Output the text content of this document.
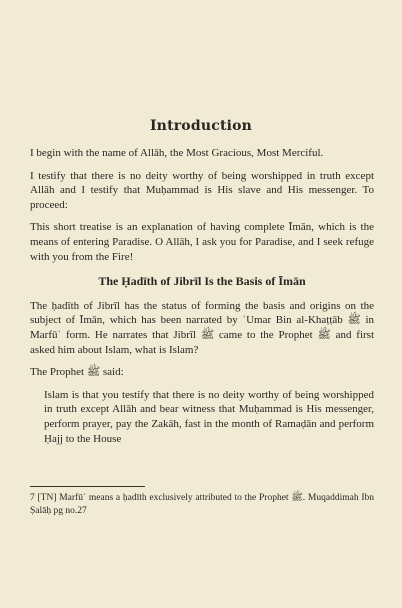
Introduction

I begin with the name of Allāh, the Most Gracious, Most Merciful.

I testify that there is no deity worthy of being worshipped in truth except Allāh and I testify that Muḥammad is His slave and His messenger. To proceed:

This short treatise is an explanation of having complete Īmān, which is the means of entering Paradise. O Allāh, I ask you for Paradise, and I seek refuge with you from the Fire!

The Ḥadīth of Jibrīl Is the Basis of Īmān

The ḥadīth of Jibrīl has the status of forming the basis and origins on the subject of Īmān, which has been narrated by ʿUmar Bin al-Khaṭṭāb ﷺ in Marfūʿ form. He narrates that Jibrīl ﷺ came to the Prophet ﷺ and first asked him about Islam, what is Islam?

The Prophet ﷺ said:

Islam is that you testify that there is no deity worthy of being worshipped in truth except Allāh and bear witness that Muḥammad is His messenger, perform prayer, pay the Zakāh, fast in the month of Ramaḍān and perform Ḥajj to the House

7 [TN] Marfūʿ means a ḥadīth exclusively attributed to the Prophet ﷺ. Muqaddimah Ibn Ṣalāḥ pg no.27
